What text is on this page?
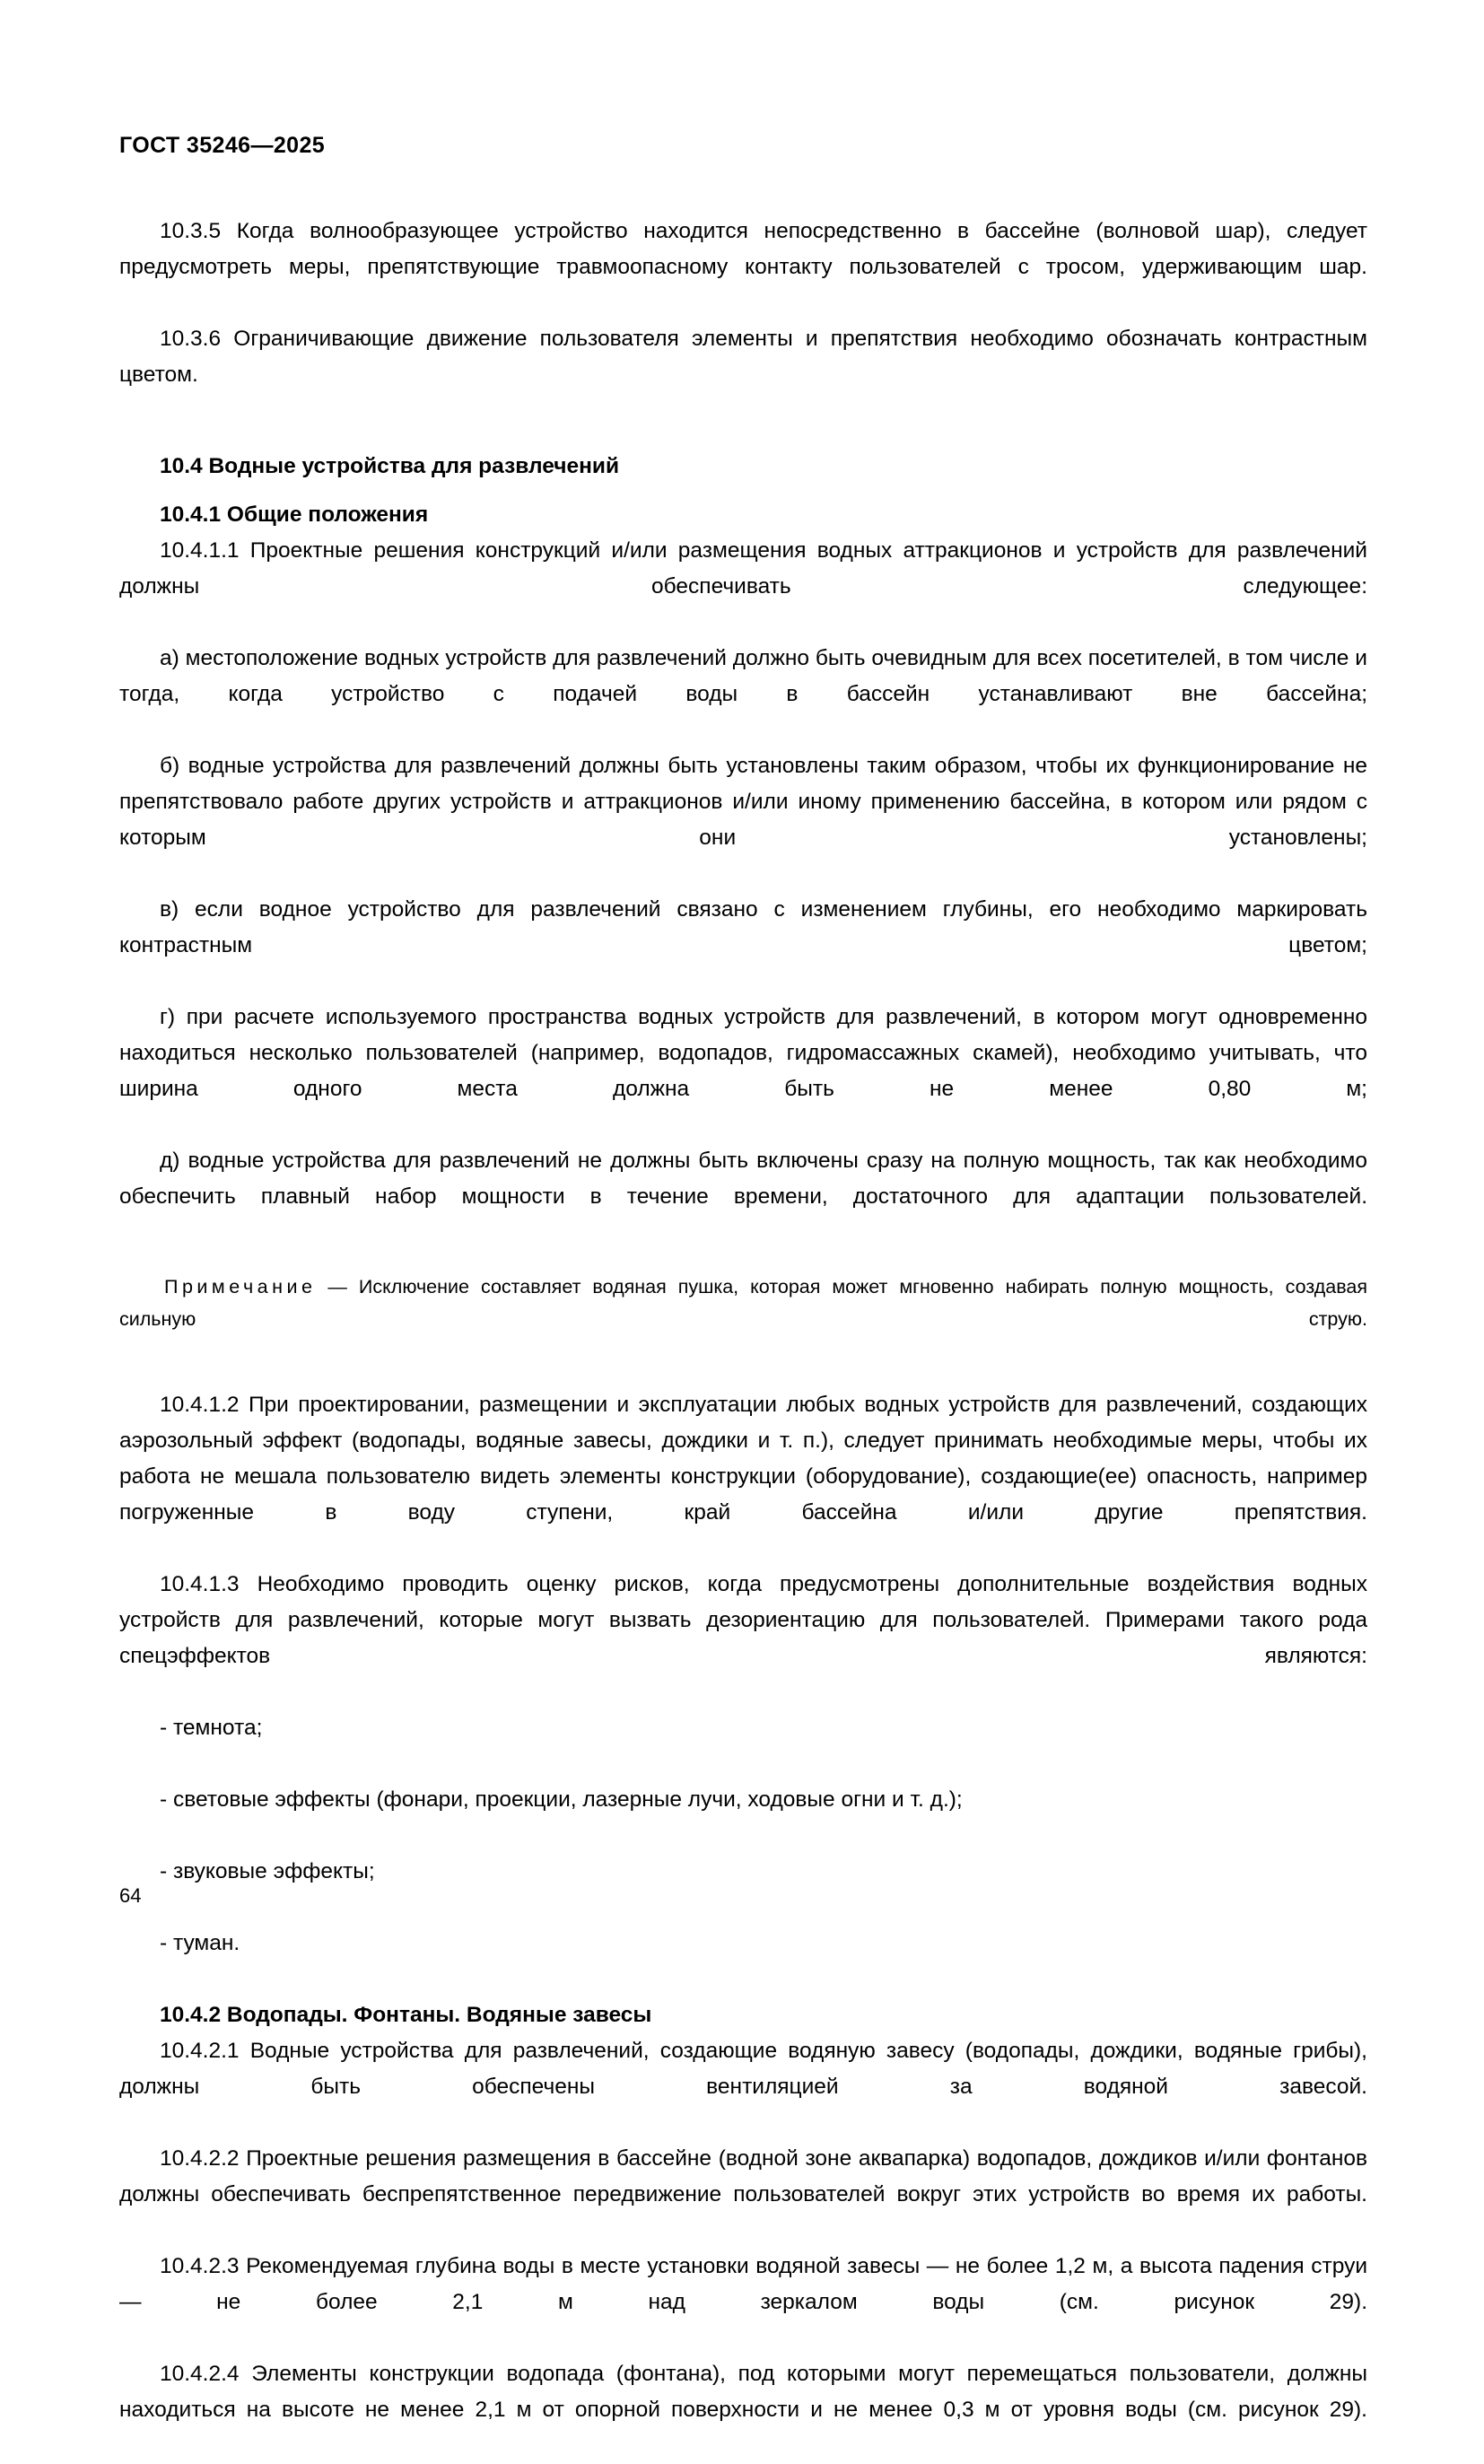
ГОСТ 35246—2025

10.3.5 Когда волнообразующее устройство находится непосредственно в бассейне (волновой шар), следует предусмотреть меры, препятствующие травмоопасному контакту пользователей с тросом, удерживающим шар.

10.3.6 Ограничивающие движение пользователя элементы и препятствия необходимо обозначать контрастным цветом.

10.4 Водные устройства для развлечений
10.4.1 Общие положения

10.4.1.1 Проектные решения конструкций и/или размещения водных аттракционов и устройств для развлечений должны обеспечивать следующее:

а) местоположение водных устройств для развлечений должно быть очевидным для всех посетителей, в том числе и тогда, когда устройство с подачей воды в бассейн устанавливают вне бассейна;

б) водные устройства для развлечений должны быть установлены таким образом, чтобы их функционирование не препятствовало работе других устройств и аттракционов и/или иному применению бассейна, в котором или рядом с которым они установлены;

в) если водное устройство для развлечений связано с изменением глубины, его необходимо маркировать контрастным цветом;

г) при расчете используемого пространства водных устройств для развлечений, в котором могут одновременно находиться несколько пользователей (например, водопадов, гидромассажных скамей), необходимо учитывать, что ширина одного места должна быть не менее 0,80 м;

д) водные устройства для развлечений не должны быть включены сразу на полную мощность, так как необходимо обеспечить плавный набор мощности в течение времени, достаточного для адаптации пользователей.

Примечание — Исключение составляет водяная пушка, которая может мгновенно набирать полную мощность, создавая сильную струю.

10.4.1.2 При проектировании, размещении и эксплуатации любых водных устройств для развлечений, создающих аэрозольный эффект (водопады, водяные завесы, дождики и т. п.), следует принимать необходимые меры, чтобы их работа не мешала пользователю видеть элементы конструкции (оборудование), создающие(ее) опасность, например погруженные в воду ступени, край бассейна и/или другие препятствия.

10.4.1.3 Необходимо проводить оценку рисков, когда предусмотрены дополнительные воздействия водных устройств для развлечений, которые могут вызвать дезориентацию для пользователей. Примерами такого рода спецэффектов являются:

- темнота;

- световые эффекты (фонари, проекции, лазерные лучи, ходовые огни и т. д.);

- звуковые эффекты;

- туман.

10.4.2 Водопады. Фонтаны. Водяные завесы

10.4.2.1 Водные устройства для развлечений, создающие водяную завесу (водопады, дождики, водяные грибы), должны быть обеспечены вентиляцией за водяной завесой.

10.4.2.2 Проектные решения размещения в бассейне (водной зоне аквапарка) водопадов, дождиков и/или фонтанов должны обеспечивать беспрепятственное передвижение пользователей вокруг этих устройств во время их работы.

10.4.2.3 Рекомендуемая глубина воды в месте установки водяной завесы — не более 1,2 м, а высота падения струи — не более 2,1 м над зеркалом воды (см. рисунок 29).

10.4.2.4 Элементы конструкции водопада (фонтана), под которыми могут перемещаться пользователи, должны находиться на высоте не менее 2,1 м от опорной поверхности и не менее 0,3 м от уровня воды (см. рисунок 29).

64
